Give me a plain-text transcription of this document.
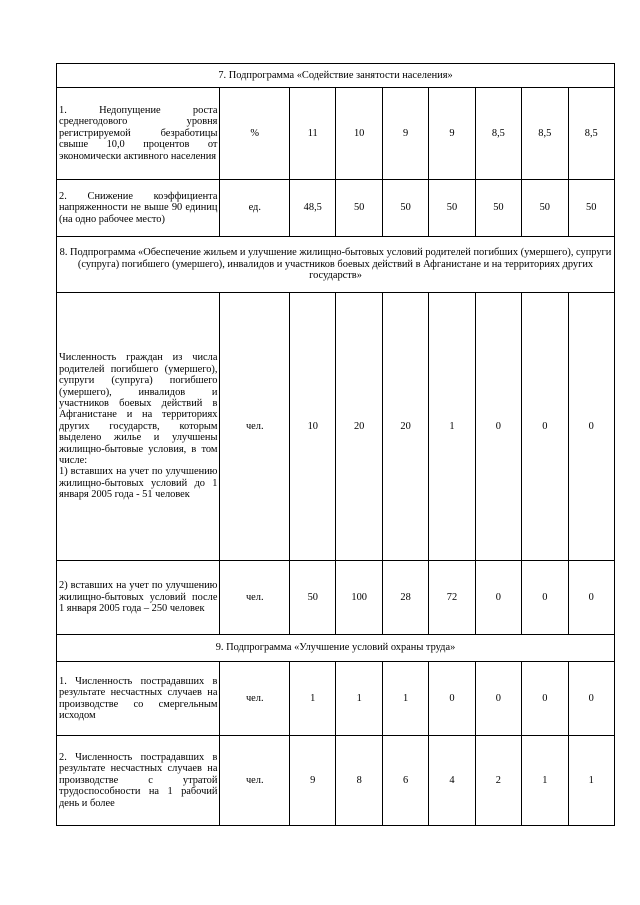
7. Подпрограмма «Содействие занятости населения»								
1. Недопущение роста среднегодового уровня регистрируемой безработицы свыше 10,0 процентов от экономически активного населения	%	11	10	9	9	8,5	8,5	8,5
2. Снижение коэффициента напряженности не выше 90 единиц (на одно рабочее место)	ед.	48,5	50	50	50	50	50	50
8. Подпрограмма «Обеспечение жильем и улучшение жилищно-бытовых условий родителей погибших (умершего), супруги (супруга) погибшего (умершего), инвалидов и участников боевых действий в Афганистане и на территориях других государств»								

Численность граждан из числа родителей погибшего (умершего), супруги (супруга) погибшего (умершего), инвалидов и участников боевых действий в Афганистане и на территориях других государств, которым выделено жилье и улучшены жилищно-бытовые условия, в том числе:
1) вставших на учет по улучшению жилищно-бытовых условий до 1 января 2005 года - 51 человек	чел.	10	20	20	1	0	0	0
2) вставших на учет по улучшению жилищно-бытовых условий после 1 января 2005 года – 250 человек	чел.	50	100	28	72	0	0	0
9. Подпрограмма «Улучшение условий охраны труда»								
1. Численность пострадавших в результате несчастных случаев на производстве со смергельным исходом	чел.	1	1	1	0	0	0	0
2. Численность пострадавших в результате несчастных случаев на производстве с утратой трудоспособности на 1 рабочий день и более	чел.	9	8	6	4	2	1	1
